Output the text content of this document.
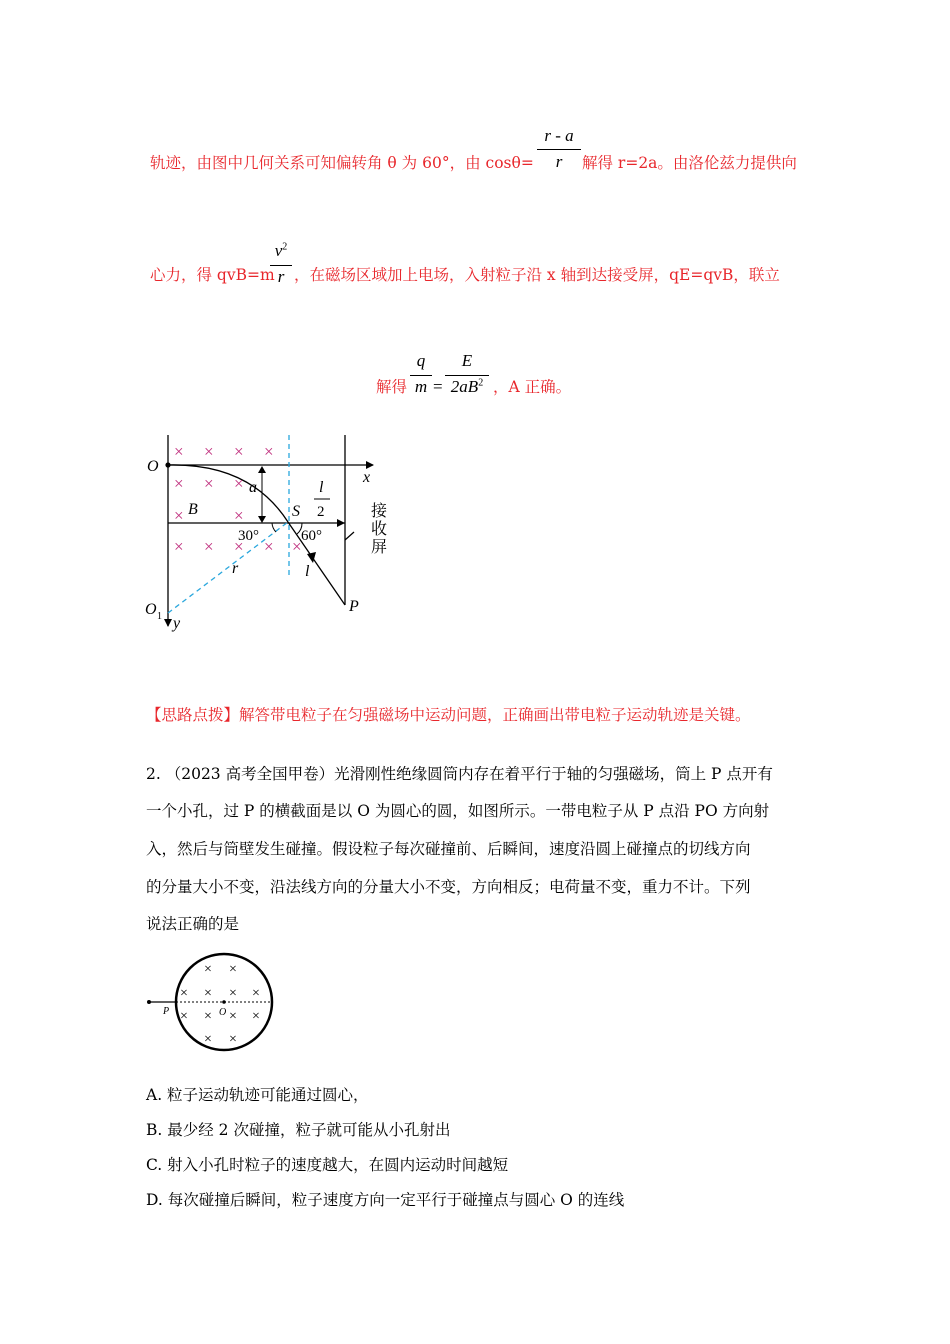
轨迹，由图中几何关系可知偏转角 θ 为 60°，由 cosθ=
r - a
r	解得 r=2a。由洛伦兹力提供向
心力，得 qvB=m
$v^2$
r ，在磁场区域加上电场，入射粒子沿 x 轴到达接受屏，qE=qvB，联立
解得
q
m =
E
$2aB^2$ ，A 正确。
× × × ×
× × ×
×	×
× × × × ×
O
x
B
a
S
l
r	l
P
O
y
1
2
30°	60°
接
收
屏
【思路点拨】解答带电粒子在匀强磁场中运动问题，正确画出带电粒子运动轨迹是关键。
2. （2023 高考全国甲卷）光滑刚性绝缘圆筒内存在着平行于轴的匀强磁场，筒上 P 点开有
一个小孔，过 P 的横截面是以 O 为圆心的圆，如图所示。一带电粒子从 P 点沿 PO 方向射
入，然后与筒壁发生碰撞。假设粒子每次碰撞前、后瞬间，速度沿圆上碰撞点的切线方向
的分量大小不变，沿法线方向的分量大小不变，方向相反；电荷量不变，重力不计。下列
说法正确的是
× ×
× × × ×
× × × ×
× ×
P	O
A. 粒子运动轨迹可能通过圆心，
B. 最少经 2 次碰撞，粒子就可能从小孔射出
C. 射入小孔时粒子的速度越大，在圆内运动时间越短
D. 每次碰撞后瞬间，粒子速度方向一定平行于碰撞点与圆心 O 的连线
